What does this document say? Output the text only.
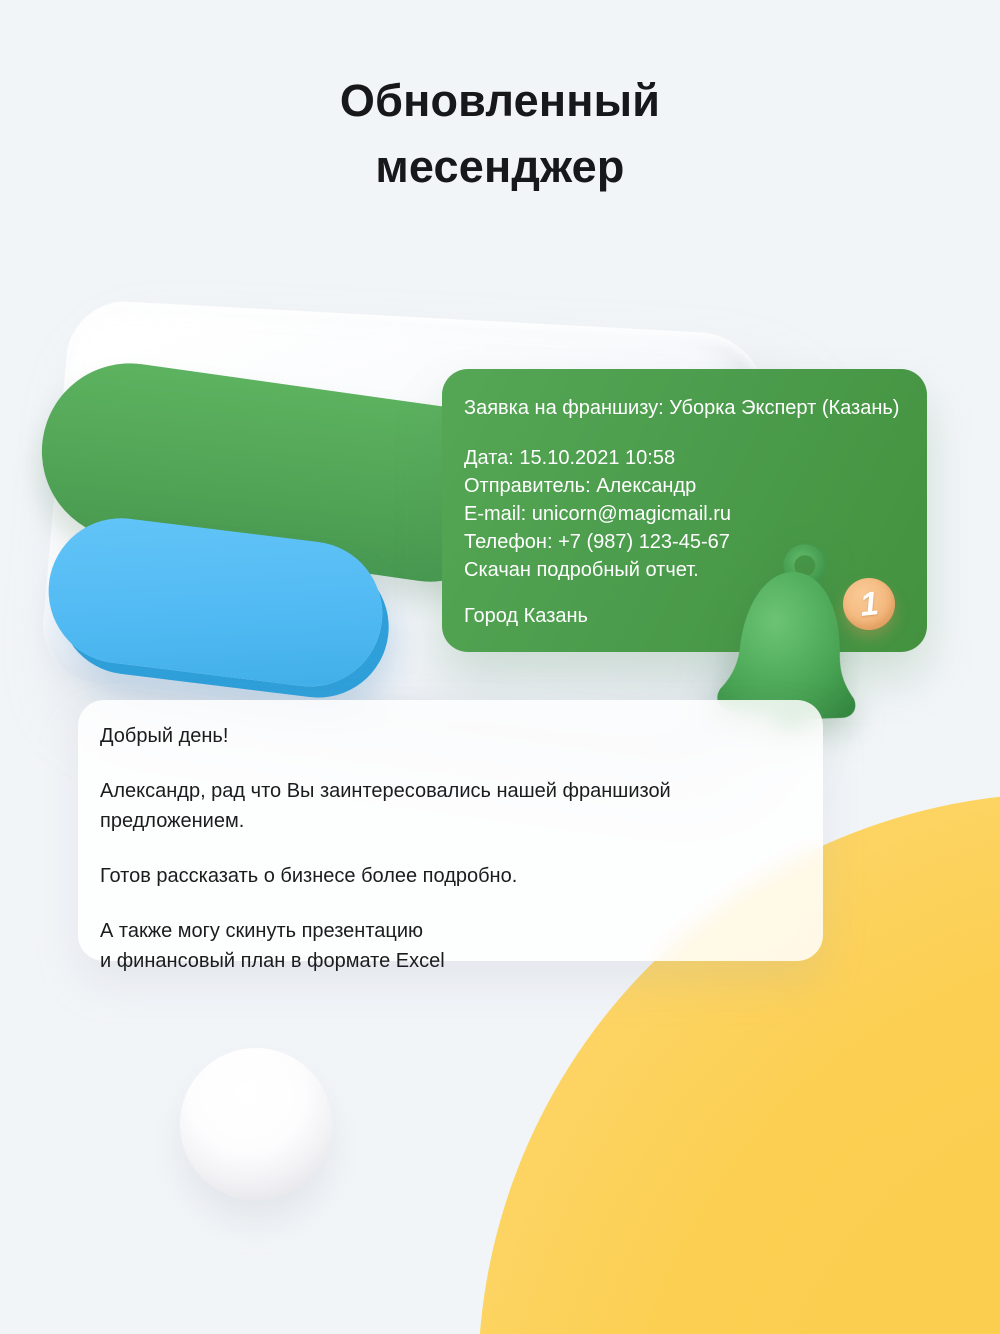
Обновленный
месенджер
Заявка на франшизу: Уборка Эксперт (Казань)
Дата: 15.10.2021 10:58
Отправитель: Александр
E-mail: unicorn@magicmail.ru
Телефон: +7 (987) 123-45-67
Скачан подробный отчет.
Город Казань	1

Добрый день!

Александр, рад что Вы заинтересовались нашей франшизой предложением.

Готов рассказать о бизнесе более подробно.

А также могу скинуть презентацию

и финансовый план в формате Excel
